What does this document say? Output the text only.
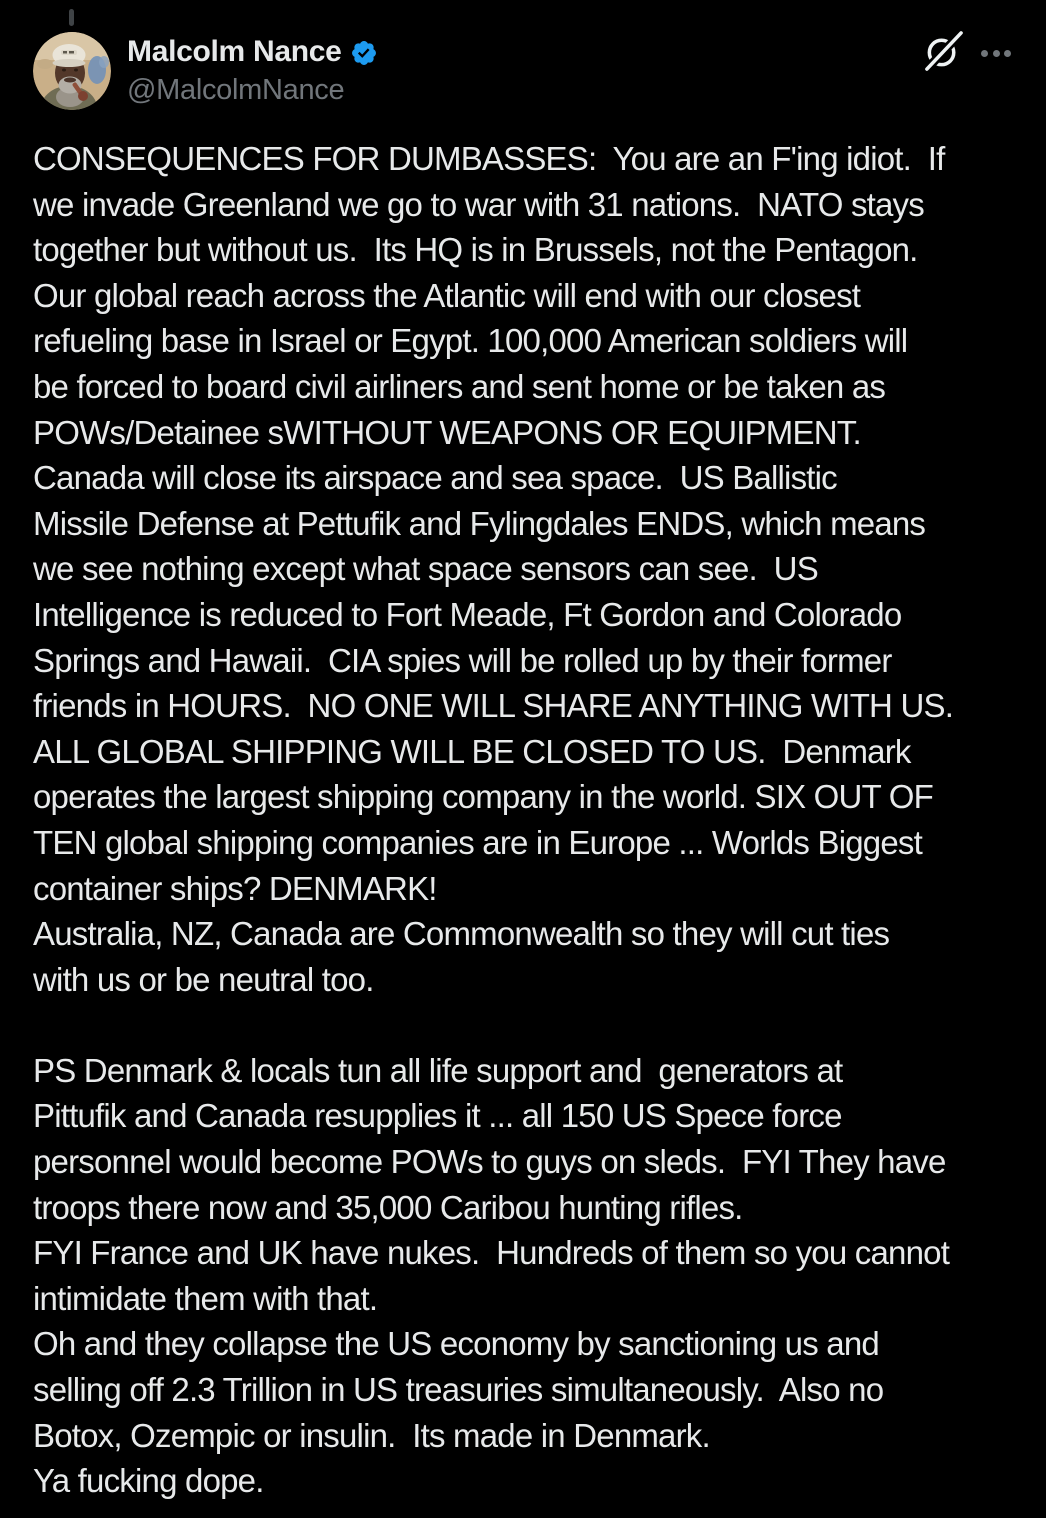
Malcolm Nance
@MalcolmNance
CONSEQUENCES FOR DUMBASSES:  You are an F'ing idiot.  If
we invade Greenland we go to war with 31 nations.  NATO stays
together but without us.  Its HQ is in Brussels, not the Pentagon.
Our global reach across the Atlantic will end with our closest
refueling base in Israel or Egypt. 100,000 American soldiers will
be forced to board civil airliners and sent home or be taken as
POWs/Detainee sWITHOUT WEAPONS OR EQUIPMENT.
Canada will close its airspace and sea space.  US Ballistic
Missile Defense at Pettufik and Fylingdales ENDS, which means
we see nothing except what space sensors can see.  US
Intelligence is reduced to Fort Meade, Ft Gordon and Colorado
Springs and Hawaii.  CIA spies will be rolled up by their former
friends in HOURS.  NO ONE WILL SHARE ANYTHING WITH US.
ALL GLOBAL SHIPPING WILL BE CLOSED TO US.  Denmark
operates the largest shipping company in the world. SIX OUT OF
TEN global shipping companies are in Europe ... Worlds Biggest
container ships? DENMARK!
Australia, NZ, Canada are Commonwealth so they will cut ties
with us or be neutral too.
PS Denmark & locals tun all life support and  generators at
Pittufik and Canada resupplies it ... all 150 US Spece force
personnel would become POWs to guys on sleds.  FYI They have
troops there now and 35,000 Caribou hunting rifles.
FYI France and UK have nukes.  Hundreds of them so you cannot
intimidate them with that.
Oh and they collapse the US economy by sanctioning us and
selling off 2.3 Trillion in US treasuries simultaneously.  Also no
Botox, Ozempic or insulin.  Its made in Denmark.
Ya fucking dope.
